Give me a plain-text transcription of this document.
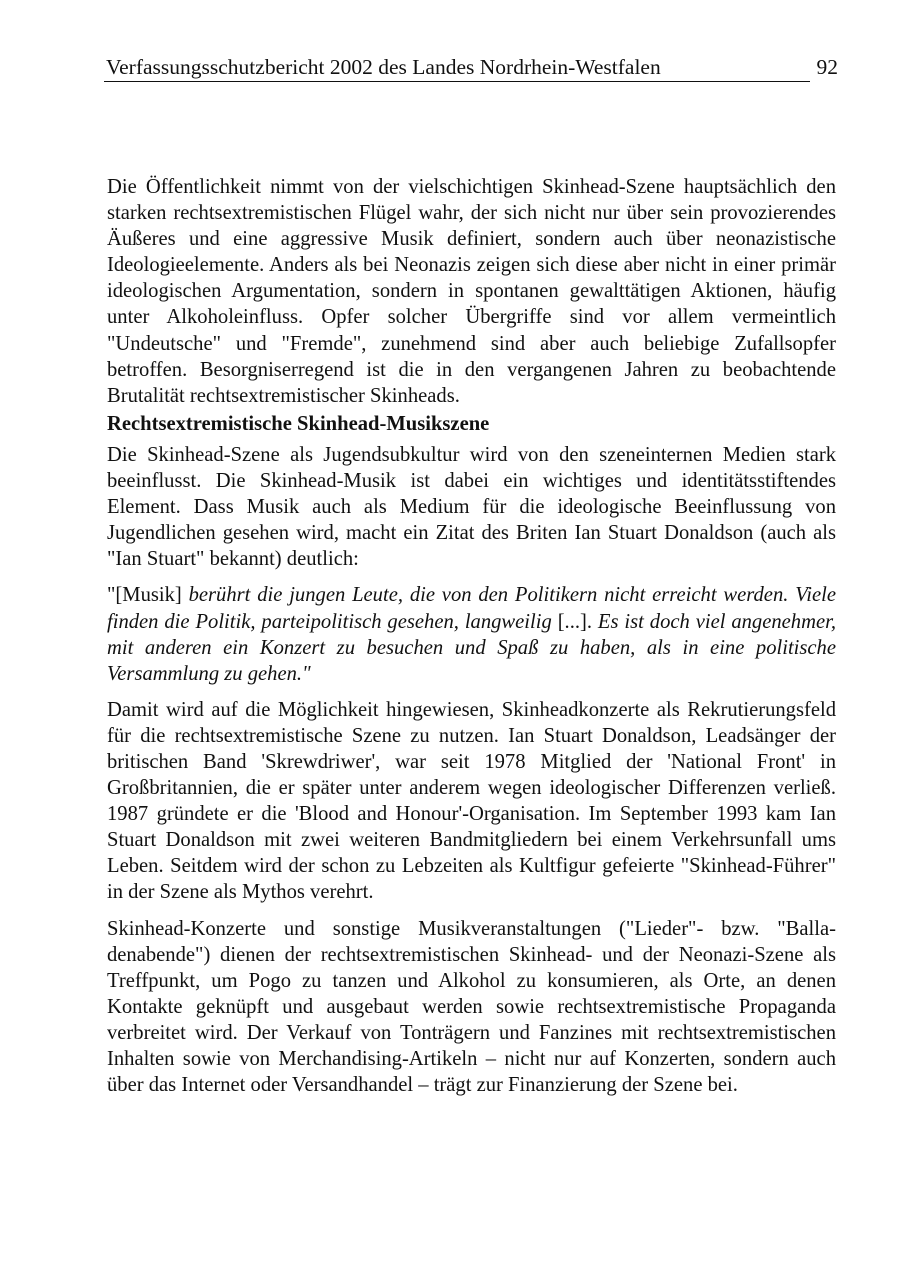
Verfassungsschutzbericht 2002 des Landes Nordrhein-Westfalen	92

Die Öffentlichkeit nimmt von der vielschichtigen Skinhead-Szene hauptsächlich den starken rechtsextremistischen Flügel wahr, der sich nicht nur über sein provozierendes Äußeres und eine aggressive Musik definiert, sondern auch über neonazistische Ideologieelemente. Anders als bei Neonazis zeigen sich diese aber nicht in einer primär ideologischen Argumentation, sondern in spontanen gewalttätigen Aktionen, häufig unter Alkoholeinfluss. Opfer solcher Übergriffe sind vor allem vermeintlich "Undeutsche" und "Fremde", zunehmend sind aber auch beliebige Zufallsopfer betroffen. Besorgniserregend ist die in den vergangenen Jahren zu beobachtende Brutalität rechtsextremistischer Skinheads.

Rechtsextremistische Skinhead-Musikszene

Die Skinhead-Szene als Jugendsubkultur wird von den szeneinternen Medien stark beeinflusst. Die Skinhead-Musik ist dabei ein wichtiges und identitätsstiftendes Element. Dass Musik auch als Medium für die ideologische Beeinflussung von Jugendlichen gesehen wird, macht ein Zitat des Briten Ian Stuart Donaldson (auch als "Ian Stuart" bekannt) deutlich:

"[Musik] berührt die jungen Leute, die von den Politikern nicht erreicht werden. Viele finden die Politik, parteipolitisch gesehen, langweilig [...]. Es ist doch viel angenehmer, mit anderen ein Konzert zu besuchen und Spaß zu haben, als in eine politische Versammlung zu gehen."

Damit wird auf die Möglichkeit hingewiesen, Skinheadkonzerte als Rekrutierungsfeld für die rechtsextremistische Szene zu nutzen. Ian Stuart Donaldson, Leadsänger der britischen Band 'Skrewdriwer', war seit 1978 Mitglied der 'National Front' in Großbritannien, die er später unter anderem wegen ideologischer Differenzen verließ. 1987 gründete er die 'Blood and Honour'-Organisation. Im September 1993 kam Ian Stuart Donaldson mit zwei weiteren Bandmitgliedern bei einem Verkehrsunfall ums Leben. Seitdem wird der schon zu Lebzeiten als Kultfigur gefeierte "Skinhead-Führer" in der Szene als Mythos verehrt.

Skinhead-Konzerte und sonstige Musikveranstaltungen ("Lieder"- bzw. "Balladenabende") dienen der rechtsextremistischen Skinhead- und der Neonazi-Szene als Treffpunkt, um Pogo zu tanzen und Alkohol zu konsumieren, als Orte, an denen Kontakte geknüpft und ausgebaut werden sowie rechtsextremistische Propaganda verbreitet wird. Der Verkauf von Tonträgern und Fanzines mit rechtsextremistischen Inhalten sowie von Merchandising-Artikeln – nicht nur auf Konzerten, sondern auch über das Internet oder Versandhandel – trägt zur Finanzierung der Szene bei.
